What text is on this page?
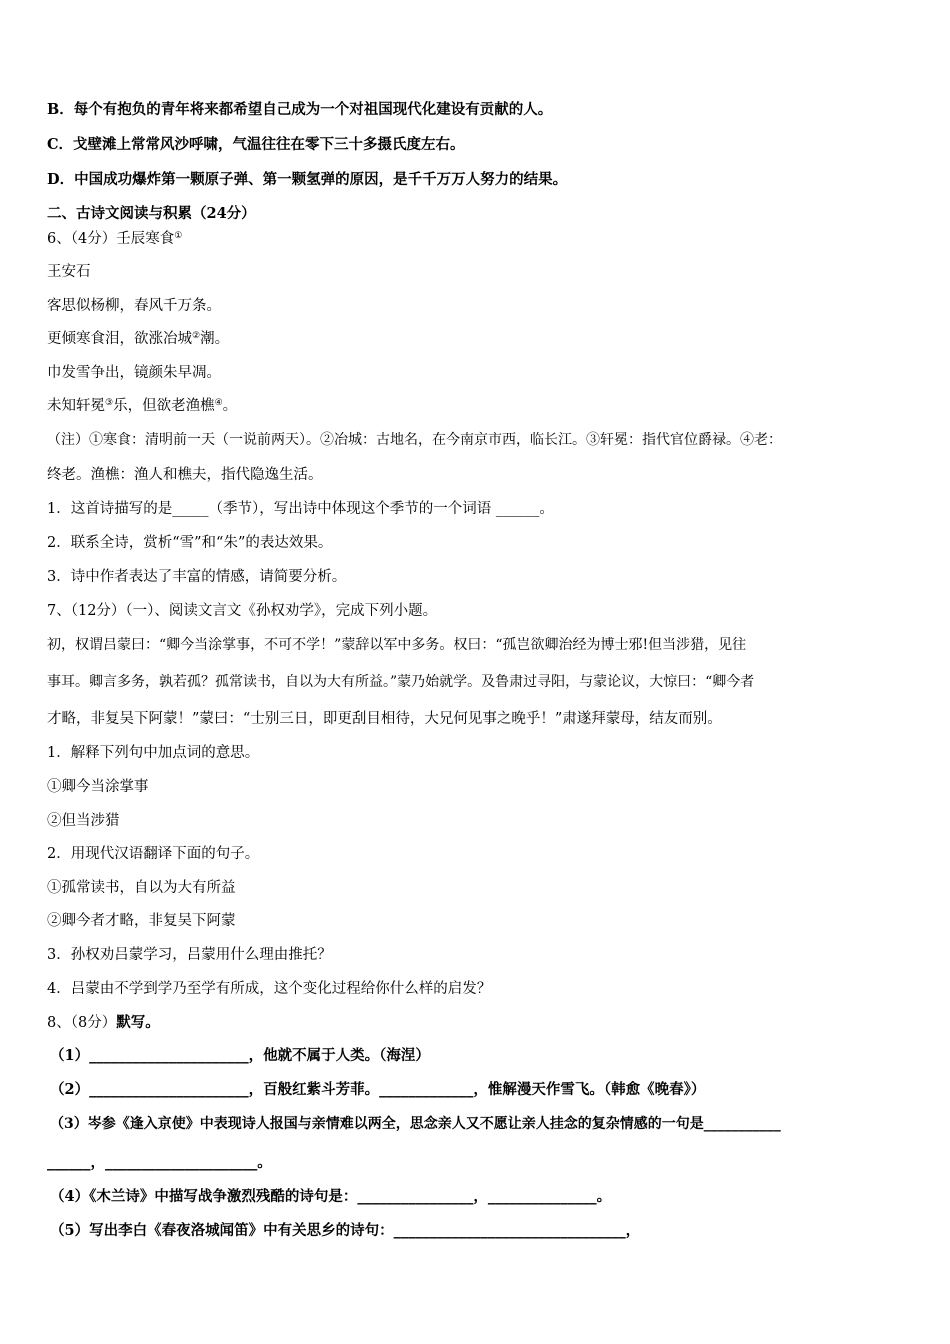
B．每个有抱负的青年将来都希望自己成为一个对祖国现代化建设有贡献的人。
C．戈壁滩上常常风沙呼啸，气温往往在零下三十多摄氏度左右。
D．中国成功爆炸第一颗原子弹、第一颗氢弹的原因，是千千万万人努力的结果。
二、古诗文阅读与积累（24分）
6、（4分）壬辰寒食①
王安石
客思似杨柳，春风千万条。
更倾寒食泪，欲涨冶城②潮。
巾发雪争出，镜颜朱早凋。
未知轩冕③乐，但欲老渔樵④。
（注）①寒食：清明前一天（一说前两天）。②冶城：古地名，在今南京市西，临长江。③轩冕：指代官位爵禄。④老：
终老。渔樵：渔人和樵夫，指代隐逸生活。
1．这首诗描写的是_____（季节），写出诗中体现这个季节的一个词语 ______。
2．联系全诗，赏析“雪”和“朱”的表达效果。
3．诗中作者表达了丰富的情感，请简要分析。
7、（12分）（一）、阅读文言文《孙权劝学》，完成下列小题。
初，权谓吕蒙曰：“卿今当涂掌事，不可不学！”蒙辞以军中多务。权曰：“孤岂欲卿治经为博士邪!但当涉猎，见往
事耳。卿言多务，孰若孤？孤常读书，自以为大有所益。”蒙乃始就学。及鲁肃过寻阳，与蒙论议，大惊曰：“卿今者
才略，非复吴下阿蒙！”蒙曰：“士别三日，即更刮目相待，大兄何见事之晚乎！”肃遂拜蒙母，结友而别。
1．解释下列句中加点词的意思。
①卿今当涂掌事
②但当涉猎
2．用现代汉语翻译下面的句子。
①孤常读书，自以为大有所益
②卿今者才略，非复吴下阿蒙
3．孙权劝吕蒙学习，吕蒙用什么理由推托？
4．吕蒙由不学到学乃至学有所成，这个变化过程给你什么样的启发？
8、（8分）默写。
（1）______________________，他就不属于人类。（海涅）
（2）______________________，百般红紫斗芳菲。_____________，惟解漫天作雪飞。（韩愈《晚春》）
（3）岑参《逢入京使》中表现诗人报国与亲情难以两全，思念亲人又不愿让亲人挂念的复杂情感的一句是___________
______，_____________________。
（4）《木兰诗》中描写战争激烈残酷的诗句是：________________，_______________。
（5）写出李白《春夜洛城闻笛》中有关思乡的诗句：________________________________，
